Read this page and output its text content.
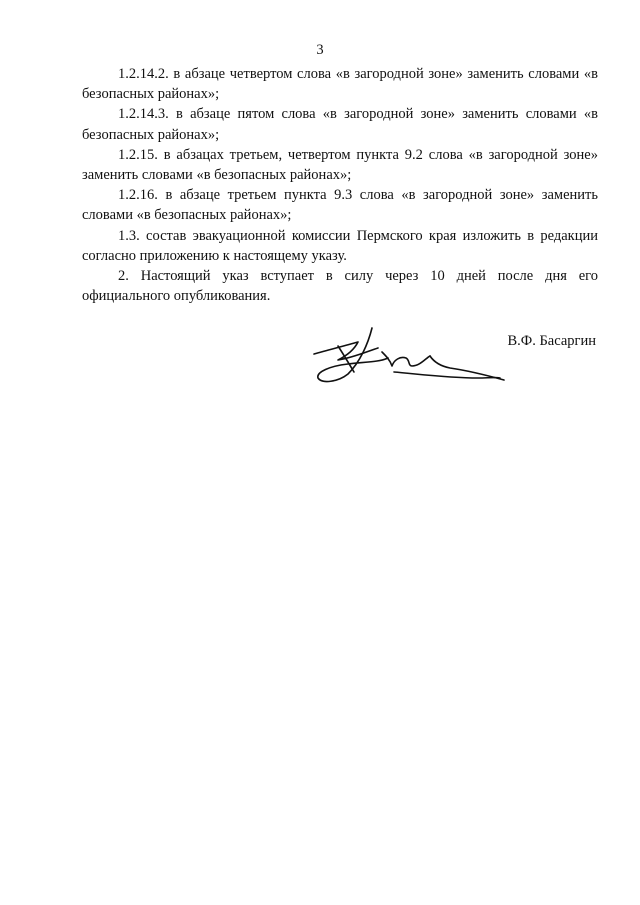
3

1.2.14.2. в абзаце четвертом слова «в загородной зоне» заменить словами «в безопасных районах»;

1.2.14.3. в абзаце пятом слова «в загородной зоне» заменить словами «в безопасных районах»;

1.2.15. в абзацах третьем, четвертом пункта 9.2 слова «в загородной зоне» заменить словами «в безопасных районах»;

1.2.16. в абзаце третьем пункта 9.3 слова «в загородной зоне» заменить словами «в безопасных районах»;

1.3. состав эвакуационной комиссии Пермского края изложить в редакции согласно приложению к настоящему указу.

2. Настоящий указ вступает в силу через 10 дней после дня его официального опубликования.

В.Ф. Басаргин
